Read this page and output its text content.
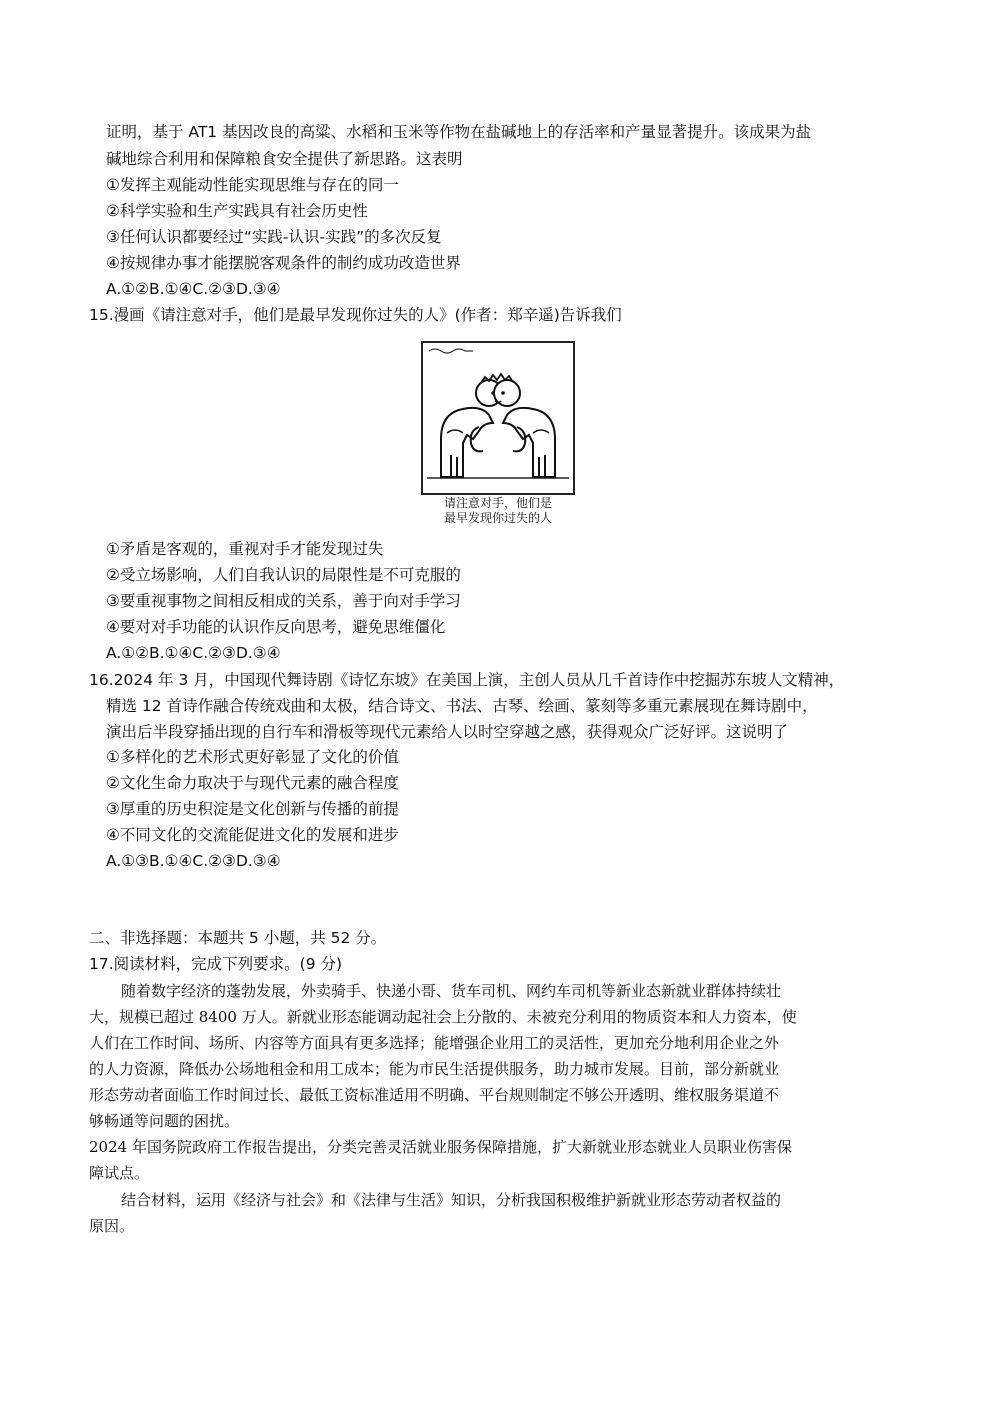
证明，基于 AT1 基因改良的高粱、水稻和玉米等作物在盐碱地上的存活率和产量显著提升。该成果为盐
碱地综合利用和保障粮食安全提供了新思路。这表明
①发挥主观能动性能实现思维与存在的同一
②科学实验和生产实践具有社会历史性
③任何认识都要经过“实践-认识-实践”的多次反复
④按规律办事才能摆脱客观条件的制约成功改造世界
A.①②B.①④C.②③D.③④
15.漫画《请注意对手，他们是最早发现你过失的人》(作者：郑辛遥)告诉我们
请注意对手，他们是
最早发现你过失的人
①矛盾是客观的，重视对手才能发现过失
②受立场影响，人们自我认识的局限性是不可克服的
③要重视事物之间相反相成的关系，善于向对手学习
④要对对手功能的认识作反向思考，避免思维僵化
A.①②B.①④C.②③D.③④
16.2024 年 3 月，中国现代舞诗剧《诗忆东坡》在美国上演，主创人员从几千首诗作中挖掘苏东坡人文精神，
精选 12 首诗作融合传统戏曲和太极，结合诗文、书法、古琴、绘画、篆刻等多重元素展现在舞诗剧中，
演出后半段穿插出现的自行车和滑板等现代元素给人以时空穿越之感，获得观众广泛好评。这说明了
①多样化的艺术形式更好彰显了文化的价值
②文化生命力取决于与现代元素的融合程度
③厚重的历史积淀是文化创新与传播的前提
④不同文化的交流能促进文化的发展和进步
A.①③B.①④C.②③D.③④
二、非选择题：本题共 5 小题，共 52 分。
17.阅读材料，完成下列要求。(9 分)
随着数字经济的蓬勃发展，外卖骑手、快递小哥、货车司机、网约车司机等新业态新就业群体持续壮
大，规模已超过 8400 万人。新就业形态能调动起社会上分散的、未被充分利用的物质资本和人力资本，使
人们在工作时间、场所、内容等方面具有更多选择；能增强企业用工的灵活性，更加充分地利用企业之外
的人力资源，降低办公场地租金和用工成本；能为市民生活提供服务，助力城市发展。目前，部分新就业
形态劳动者面临工作时间过长、最低工资标准适用不明确、平台规则制定不够公开透明、维权服务渠道不
够畅通等问题的困扰。
2024 年国务院政府工作报告提出，分类完善灵活就业服务保障措施，扩大新就业形态就业人员职业伤害保
障试点。
结合材料，运用《经济与社会》和《法律与生活》知识，分析我国积极维护新就业形态劳动者权益的
原因。
